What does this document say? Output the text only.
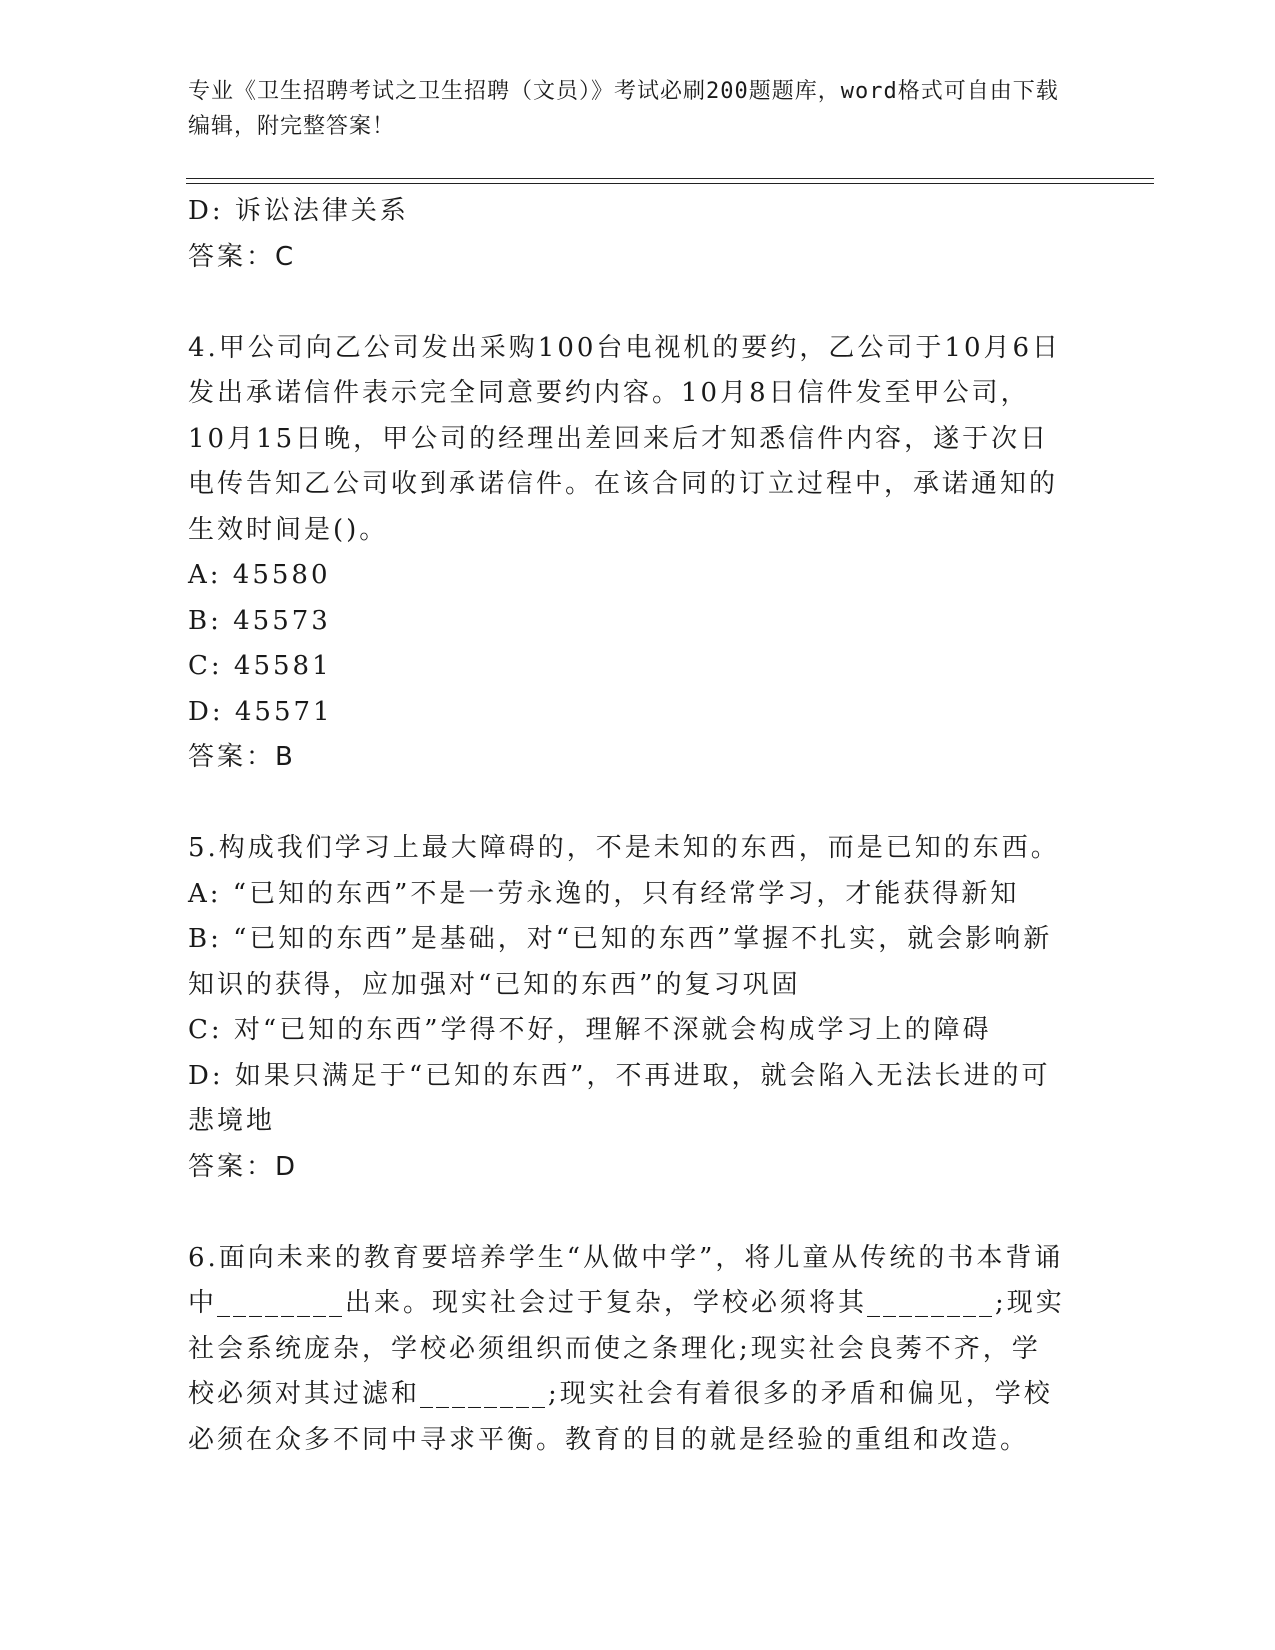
专业《卫生招聘考试之卫生招聘（文员）》考试必刷200题题库，word格式可自由下载编辑，附完整答案！

D: 诉讼法律关系

答案：C

4.甲公司向乙公司发出采购100台电视机的要约，乙公司于10月6日发出承诺信件表示完全同意要约内容。10月8日信件发至甲公司，10月15日晚，甲公司的经理出差回来后才知悉信件内容，遂于次日电传告知乙公司收到承诺信件。在该合同的订立过程中，承诺通知的生效时间是()。

A: 45580

B: 45573

C: 45581

D: 45571

答案：B

5.构成我们学习上最大障碍的，不是未知的东西，而是已知的东西。

A: “已知的东西”不是一劳永逸的，只有经常学习，才能获得新知

B: “已知的东西”是基础，对“已知的东西”掌握不扎实，就会影响新知识的获得，应加强对“已知的东西”的复习巩固

C: 对“已知的东西”学得不好，理解不深就会构成学习上的障碍

D: 如果只满足于“已知的东西”，不再进取，就会陷入无法长进的可悲境地

答案：D

6.面向未来的教育要培养学生“从做中学”，将儿童从传统的书本背诵中________出来。现实社会过于复杂，学校必须将其________;现实社会系统庞杂，学校必须组织而使之条理化;现实社会良莠不齐，学校必须对其过滤和________;现实社会有着很多的矛盾和偏见，学校必须在众多不同中寻求平衡。教育的目的就是经验的重组和改造。
